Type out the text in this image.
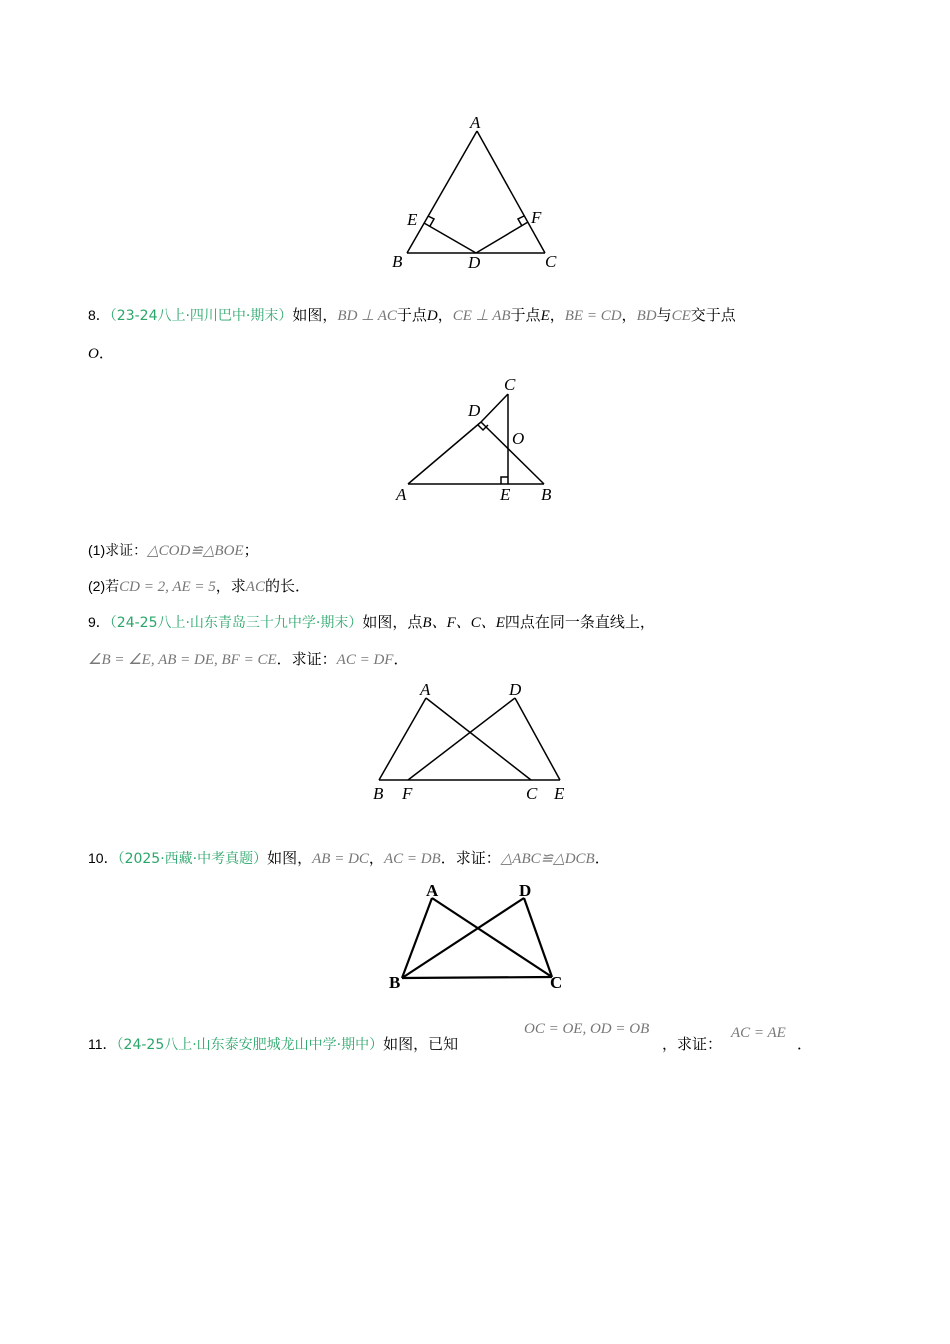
A
E	F
B	D	C
8．（23-24八上·四川巴中·期末）如图，BD ⊥ AC于点D，CE ⊥ AB于点E，BE = CD，BD与CE交于点
O．
C
D
O
A	E B
(1)求证：△COD≌△BOE；
(2)若CD = 2, AE = 5，求AC的长．
9．（24-25八上·山东青岛三十九中学·期末）如图，点B、F、C、E四点在同一条直线上，
∠B = ∠E, AB = DE, BF = CE．求证：AC = DF．
A	D
B F	C E
10．（2025·西藏·中考真题）如图，AB = DC，AC = DB．求证：△ABC≌△DCB．
A	D
B	C
OC = OE, OD = OB
11．（24-25八上·山东泰安肥城龙山中学·期中）如图，已知	，求证：
AC = AE
．
